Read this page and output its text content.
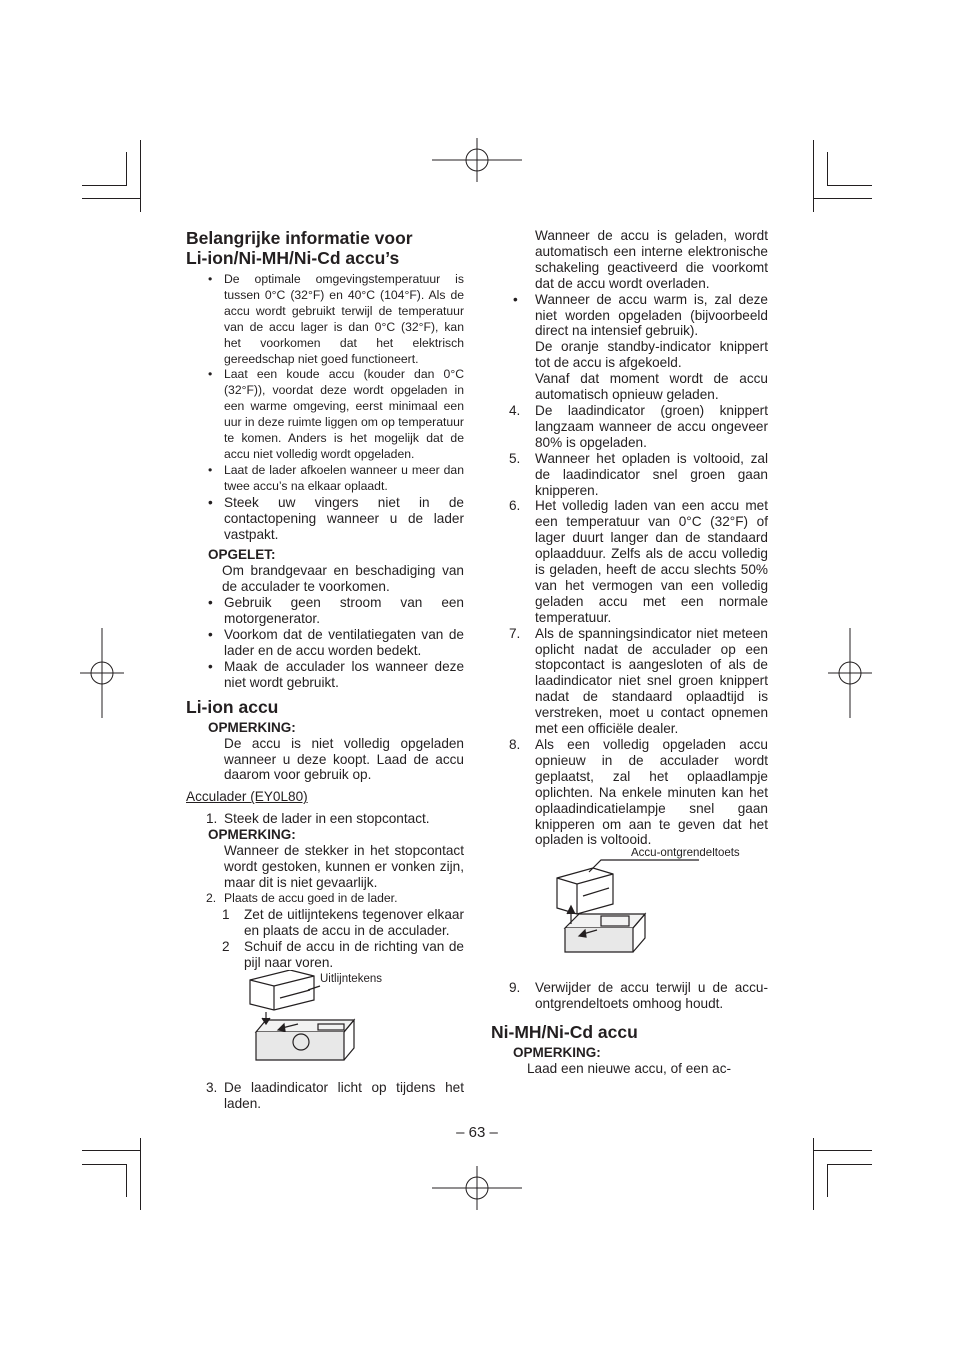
Belangrijke informatie voor
Li-ion/Ni-MH/Ni-Cd accu’s
• De optimale omgevingstemperatuur is tussen 0°C (32°F) en 40°C (104°F). Als de accu wordt gebruikt terwijl de temperatuur van de accu lager is dan 0°C (32°F), kan het voorkomen dat het elektrisch gereedschap niet goed functioneert.
• Laat een koude accu (kouder dan 0°C (32°F)), voordat deze wordt opgeladen in een warme omgeving, eerst minimaal een uur in deze ruimte liggen om op temperatuur te komen. Anders is het mogelijk dat de accu niet volledig wordt opgeladen.
• Laat de lader afkoelen wanneer u meer dan twee accu’s na elkaar oplaadt.
• Steek uw vingers niet in de contactopening wanneer u de lader vastpakt.
OPGELET:
Om brandgevaar en beschadiging van de acculader te voorkomen.
• Gebruik geen stroom van een motorgenerator.
• Voorkom dat de ventilatiegaten van de lader en de accu worden bedekt.
• Maak de acculader los wanneer deze niet wordt gebruikt.
Li-ion accu
OPMERKING:
De accu is niet volledig opgeladen wanneer u deze koopt. Laad de accu daarom voor gebruik op.
Acculader (EY0L80)
1. Steek de lader in een stopcontact.
OPMERKING:
Wanneer de stekker in het stopcontact wordt gestoken, kunnen er vonken zijn, maar dit is niet gevaarlijk.
2. Plaats de accu goed in de lader.
1 Zet de uitlijntekens tegenover elkaar en plaats de accu in de acculader.
2 Schuif de accu in de richting van de pijl naar voren.
Uitlijntekens
3. De laadindicator licht op tijdens het laden.
Wanneer de accu is geladen, wordt automatisch een interne elektronische schakeling geactiveerd die voorkomt dat de accu wordt overladen.
• Wanneer de accu warm is, zal deze niet worden opgeladen (bijvoorbeeld direct na intensief gebruik).
De oranje standby-indicator knippert tot de accu is afgekoeld.
Vanaf dat moment wordt de accu automatisch opnieuw geladen.
4. De laadindicator (groen) knippert langzaam wanneer de accu ongeveer 80% is opgeladen.
5. Wanneer het opladen is voltooid, zal de laadindicator snel groen gaan knipperen.
6. Het volledig laden van een accu met een temperatuur van 0°C (32°F) of lager duurt langer dan de standaard oplaadduur. Zelfs als de accu volledig is geladen, heeft de accu slechts 50% van het vermogen van een volledig geladen accu met een normale temperatuur.
7. Als de spanningsindicator niet meteen oplicht nadat de acculader op een stopcontact is aangesloten of als de laadindicator niet snel groen knippert nadat de standaard oplaadtijd is verstreken, moet u contact opnemen met een officiële dealer.
8. Als een volledig opgeladen accu opnieuw in de acculader wordt geplaatst, zal het oplaadlampje oplichten. Na enkele minuten kan het oplaadindicatielampje snel gaan knipperen om aan te geven dat het opladen is voltooid.
Accu-ontgrendeltoets
9. Verwijder de accu terwijl u de accu-ontgrendeltoets omhoog houdt.
Ni-MH/Ni-Cd accu
OPMERKING:
Laad een nieuwe accu, of een ac-
– 63 –
